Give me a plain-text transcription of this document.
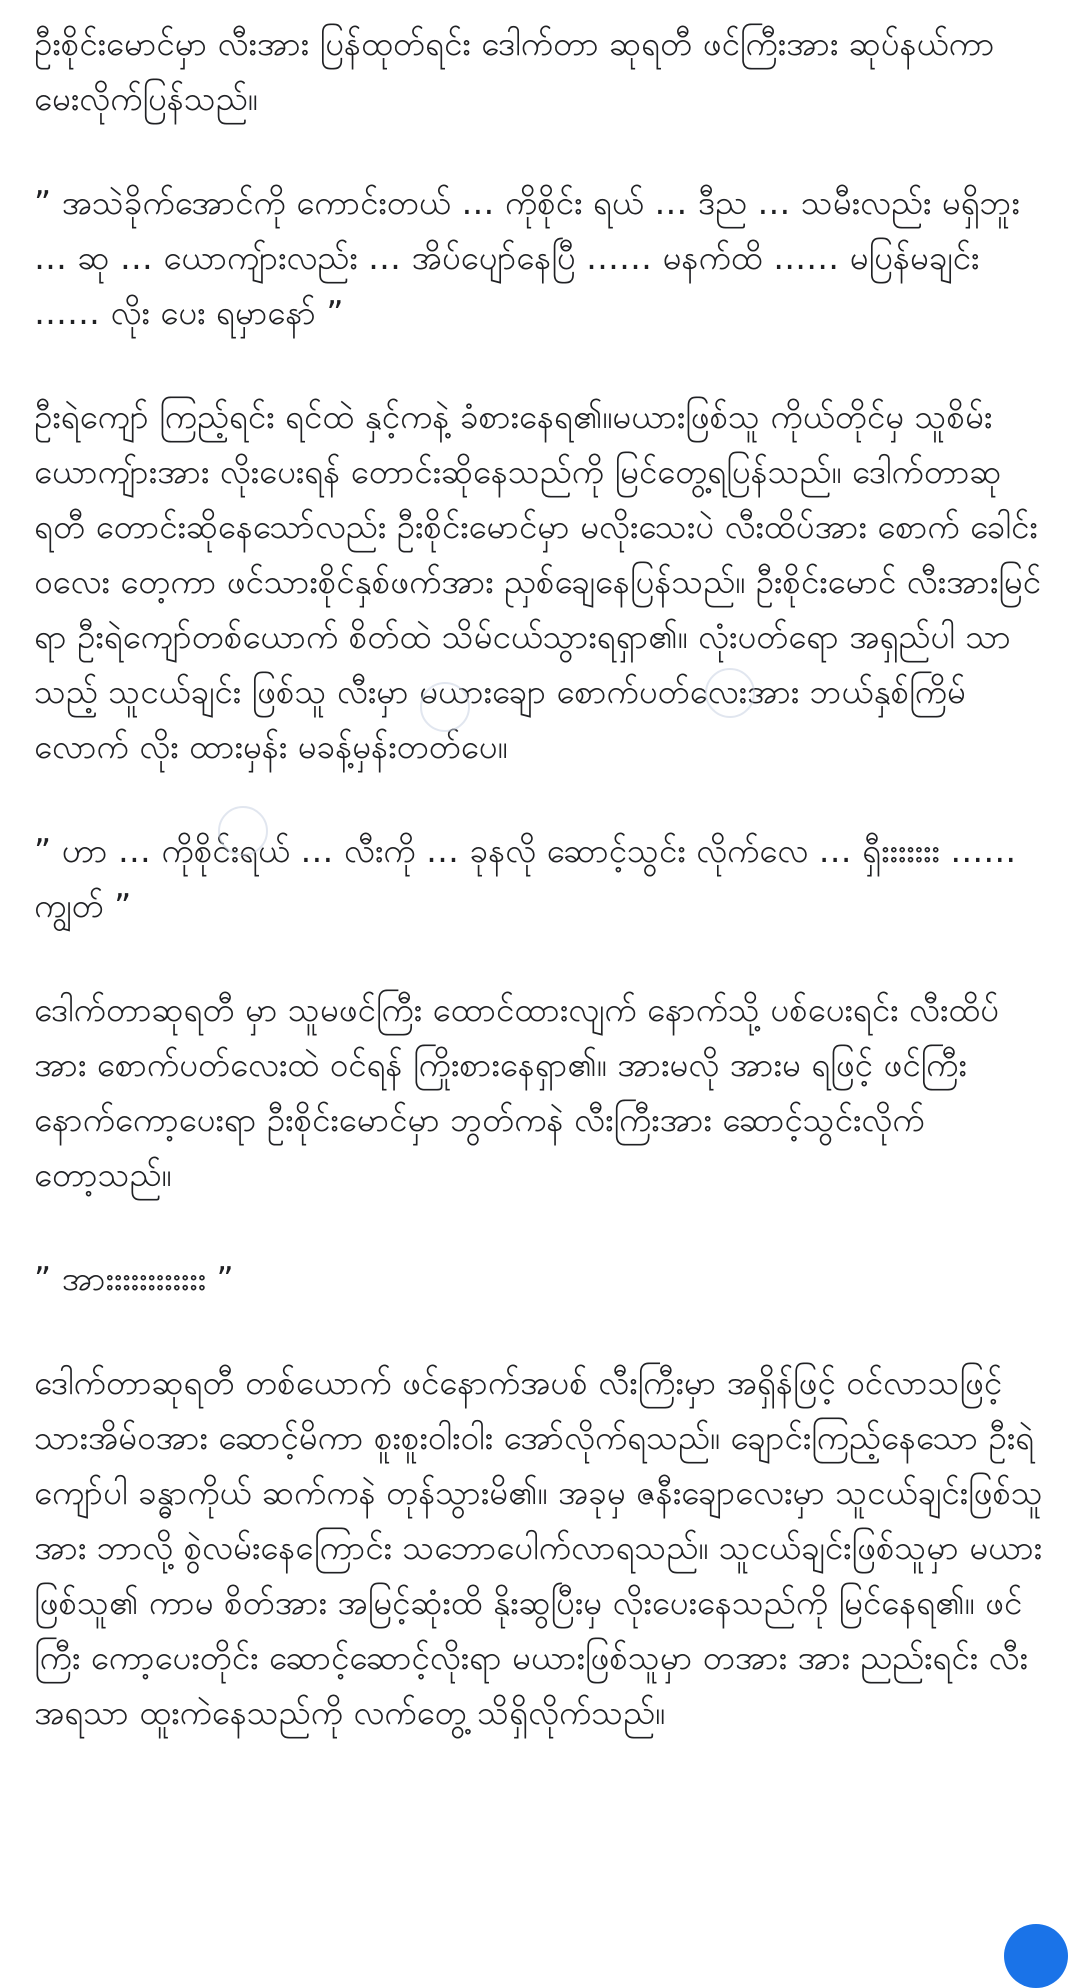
ဦးစိုင်းမောင်မှာ လီးအား ပြန်ထုတ်ရင်း ဒေါက်တာ ဆုရတီ ဖင်ကြီးအား ဆုပ်နယ်ကာ မေးလိုက်ပြန်သည်။

” အသဲခိုက်အောင်ကို ကောင်းတယ် … ကိုစိုင်း ရယ် … ဒီည … သမီးလည်း မရှိဘူး … ဆု … ယောကျ်ားလည်း … အိပ်ပျော်နေပြီ …… မနက်ထိ …… မပြန်မချင်း …… လိုး ပေး ရမှာနော် ”

ဦးရဲကျော် ကြည့်ရင်း ရင်ထဲ နှင့်ကနဲ့ ခံစားနေရ၏။မယားဖြစ်သူ ကိုယ်တိုင်မှ သူစိမ်းယောကျ်ားအား လိုးပေးရန် တောင်းဆိုနေသည်ကို မြင်တွေ့ရပြန်သည်။ ဒေါက်တာဆုရတီ တောင်းဆိုနေသော်လည်း ဦးစိုင်းမောင်မှာ မလိုးသေးပဲ လီးထိပ်အား စောက် ခေါင်းဝလေး တေ့ကာ ဖင်သားစိုင်နှစ်ဖက်အား ညှစ်ချေနေပြန်သည်။ ဦးစိုင်းမောင် လီးအားမြင်ရာ ဦးရဲကျော်တစ်ယောက် စိတ်ထဲ သိမ်ငယ်သွားရရှာ၏။ လုံးပတ်ရော အရှည်ပါ သာသည့် သူငယ်ချင်း ဖြစ်သူ လီးမှာ မယားချော စောက်ပတ်လေးအား ဘယ်နှစ်ကြိမ်လောက် လိုး ထားမှန်း မခန့်မှန်းတတ်ပေ။

” ဟာ … ကိုစိုင်းရယ် … လီးကို … ခုနလို ဆောင့်သွင်း လိုက်လေ … ရှီးးးးးးး …… ကျွတ် ”

ဒေါက်တာဆုရတီ မှာ သူမဖင်ကြီး ထောင်ထားလျက် နောက်သို့ ပစ်ပေးရင်း လီးထိပ်အား စောက်ပတ်လေးထဲ ဝင်ရန် ကြိုးစားနေရှာ၏။ အားမလို အားမ ရဖြင့် ဖင်ကြီး နောက်ကော့ပေးရာ ဦးစိုင်းမောင်မှာ ဘွတ်ကနဲ လီးကြီးအား ဆောင့်သွင်းလိုက်တော့သည်။

” အားးးးးးးးးးးး ”

ဒေါက်တာဆုရတီ တစ်ယောက် ဖင်နောက်အပစ် လီးကြီးမှာ အရှိန်ဖြင့် ဝင်လာသဖြင့် သားအိမ်ဝအား ဆောင့်မိကာ စူးစူးဝါးဝါး အော်လိုက်ရသည်။ ချောင်းကြည့်နေသော ဦးရဲကျော်ပါ ခန္ဓာကိုယ် ဆက်ကနဲ တုန်သွားမိ၏။ အခုမှ ဇနီးချောလေးမှာ သူငယ်ချင်းဖြစ်သူအား ဘာလို့ စွဲလမ်းနေကြောင်း သဘောပေါက်လာရသည်။ သူငယ်ချင်းဖြစ်သူမှာ မယားဖြစ်သူ၏ ကာမ စိတ်အား အမြင့်ဆုံးထိ နိုးဆွပြီးမှ လိုးပေးနေသည်ကို မြင်နေရ၏။ ဖင်ကြီး ကော့ပေးတိုင်း ဆောင့်ဆောင့်လိုးရာ မယားဖြစ်သူမှာ တအား အား ညည်းရင်း လီးအရသာ ထူးကဲနေသည်ကို လက်တွေ့ သိရှိလိုက်သည်။
